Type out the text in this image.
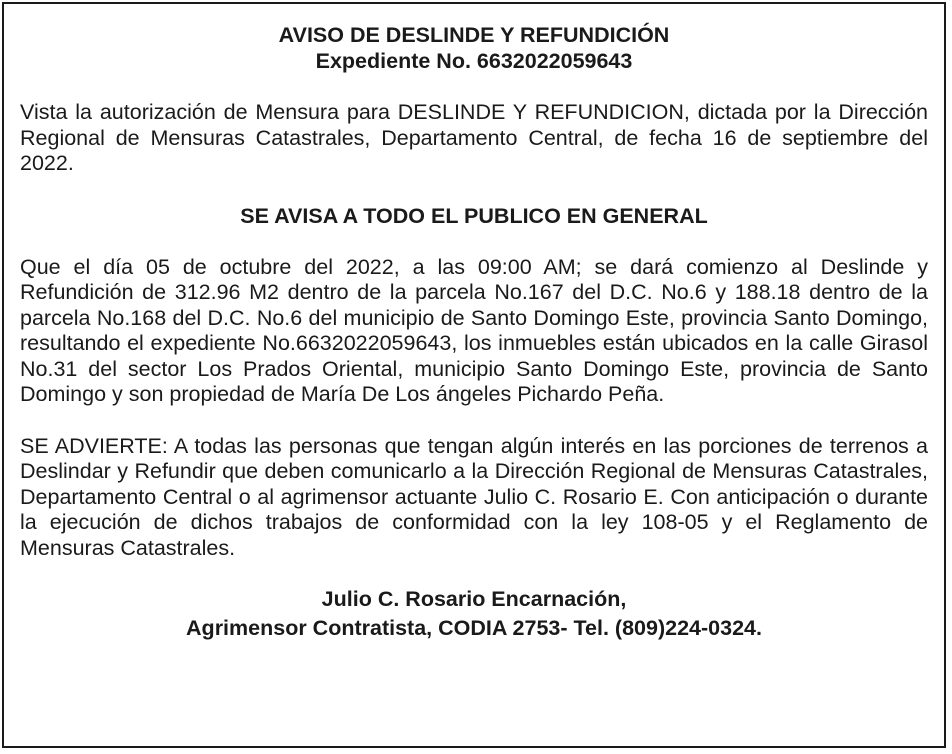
AVISO DE DESLINDE Y REFUNDICIÓN

Expediente No. 6632022059643

Vista la autorización de Mensura para DESLINDE Y REFUNDICION, dictada por la Dirección Regional de Mensuras Catastrales, Departamento Central, de fecha 16 de septiembre del 2022.

SE AVISA A TODO EL PUBLICO EN GENERAL

Que el día 05 de octubre del 2022, a las 09:00 AM; se dará comienzo al Deslinde y Refundición de 312.96 M2 dentro de la parcela No.167 del D.C. No.6 y 188.18 dentro de la parcela No.168 del D.C. No.6 del municipio de Santo Domingo Este, provincia Santo Domingo, resultando el expediente No.6632022059643, los inmuebles están ubicados en la calle Girasol No.31 del sector Los Prados Oriental, municipio Santo Domingo Este, provincia de Santo Domingo y son propiedad de María De Los ángeles Pichardo Peña.

SE ADVIERTE: A todas las personas que tengan algún interés en las porciones de terrenos a Deslindar y Refundir que deben comunicarlo a la Dirección Regional de Mensuras Catastrales, Departamento Central o al agrimensor actuante Julio C. Rosario E. Con anticipación o durante la ejecución de dichos trabajos de conformidad con la ley 108-05 y el Reglamento de Mensuras Catastrales.

Julio C. Rosario Encarnación,

Agrimensor Contratista, CODIA 2753- Tel. (809)224-0324.
